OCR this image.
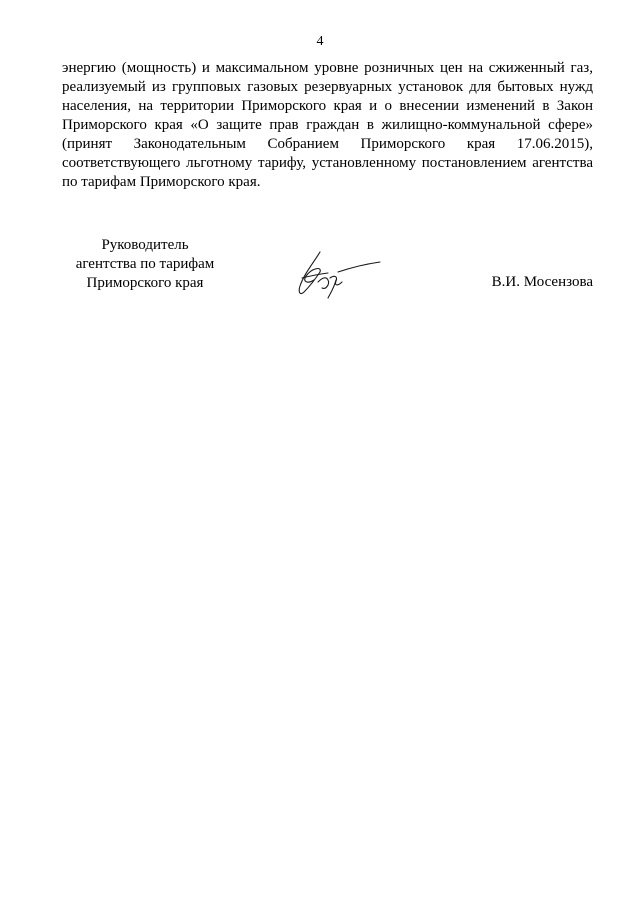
4
энергию (мощность) и максимальном уровне розничных цен на сжиженный газ,
реализуемый из групповых газовых резервуарных установок для бытовых нужд
населения, на территории Приморского края и о внесении изменений в Закон
Приморского края «О защите прав граждан в жилищно-коммунальной сфере»
(принят Законодательным Собранием Приморского края 17.06.2015),
соответствующего льготному тарифу, установленному постановлением агентства
по тарифам Приморского края.
Руководитель
агентства по тарифам
Приморского края	В.И. Мосензова
